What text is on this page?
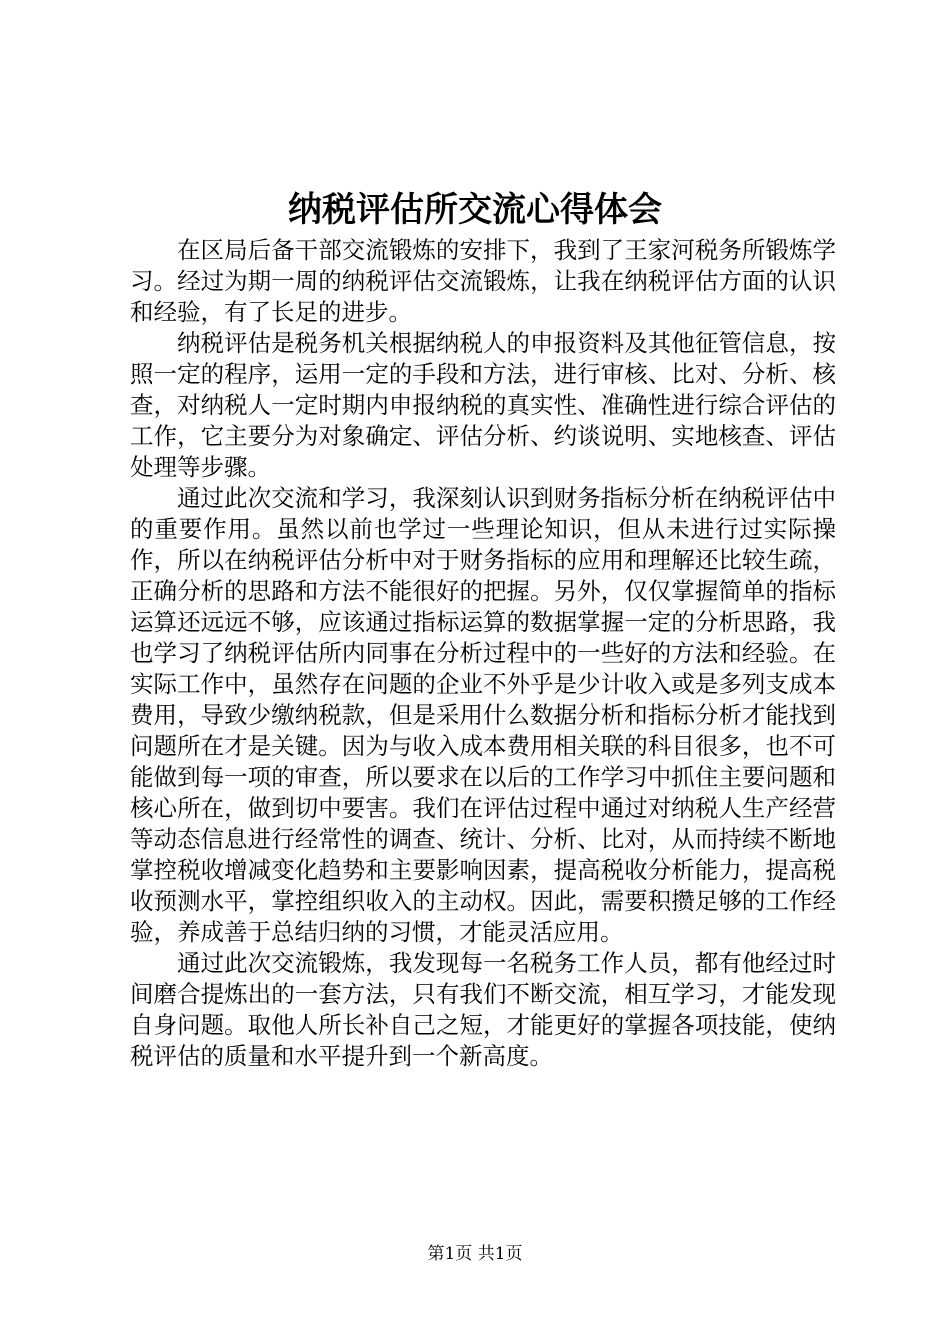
纳税评估所交流心得体会

在区局后备干部交流锻炼的安排下，我到了王家河税务所锻炼学习。经过为期一周的纳税评估交流锻炼，让我在纳税评估方面的认识和经验，有了长足的进步。

纳税评估是税务机关根据纳税人的申报资料及其他征管信息，按照一定的程序，运用一定的手段和方法，进行审核、比对、分析、核查，对纳税人一定时期内申报纳税的真实性、准确性进行综合评估的工作，它主要分为对象确定、评估分析、约谈说明、实地核查、评估处理等步骤。

通过此次交流和学习，我深刻认识到财务指标分析在纳税评估中的重要作用。虽然以前也学过一些理论知识，但从未进行过实际操作，所以在纳税评估分析中对于财务指标的应用和理解还比较生疏，正确分析的思路和方法不能很好的把握。另外，仅仅掌握简单的指标运算还远远不够，应该通过指标运算的数据掌握一定的分析思路，我也学习了纳税评估所内同事在分析过程中的一些好的方法和经验。在实际工作中，虽然存在问题的企业不外乎是少计收入或是多列支成本费用，导致少缴纳税款，但是采用什么数据分析和指标分析才能找到问题所在才是关键。因为与收入成本费用相关联的科目很多，也不可能做到每一项的审查，所以要求在以后的工作学习中抓住主要问题和核心所在，做到切中要害。我们在评估过程中通过对纳税人生产经营等动态信息进行经常性的调查、统计、分析、比对，从而持续不断地掌控税收增减变化趋势和主要影响因素，提高税收分析能力，提高税收预测水平，掌控组织收入的主动权。因此，需要积攒足够的工作经验，养成善于总结归纳的习惯，才能灵活应用。

通过此次交流锻炼，我发现每一名税务工作人员，都有他经过时间磨合提炼出的一套方法，只有我们不断交流，相互学习，才能发现自身问题。取他人所长补自己之短，才能更好的掌握各项技能，使纳税评估的质量和水平提升到一个新高度。

第1页 共1页
